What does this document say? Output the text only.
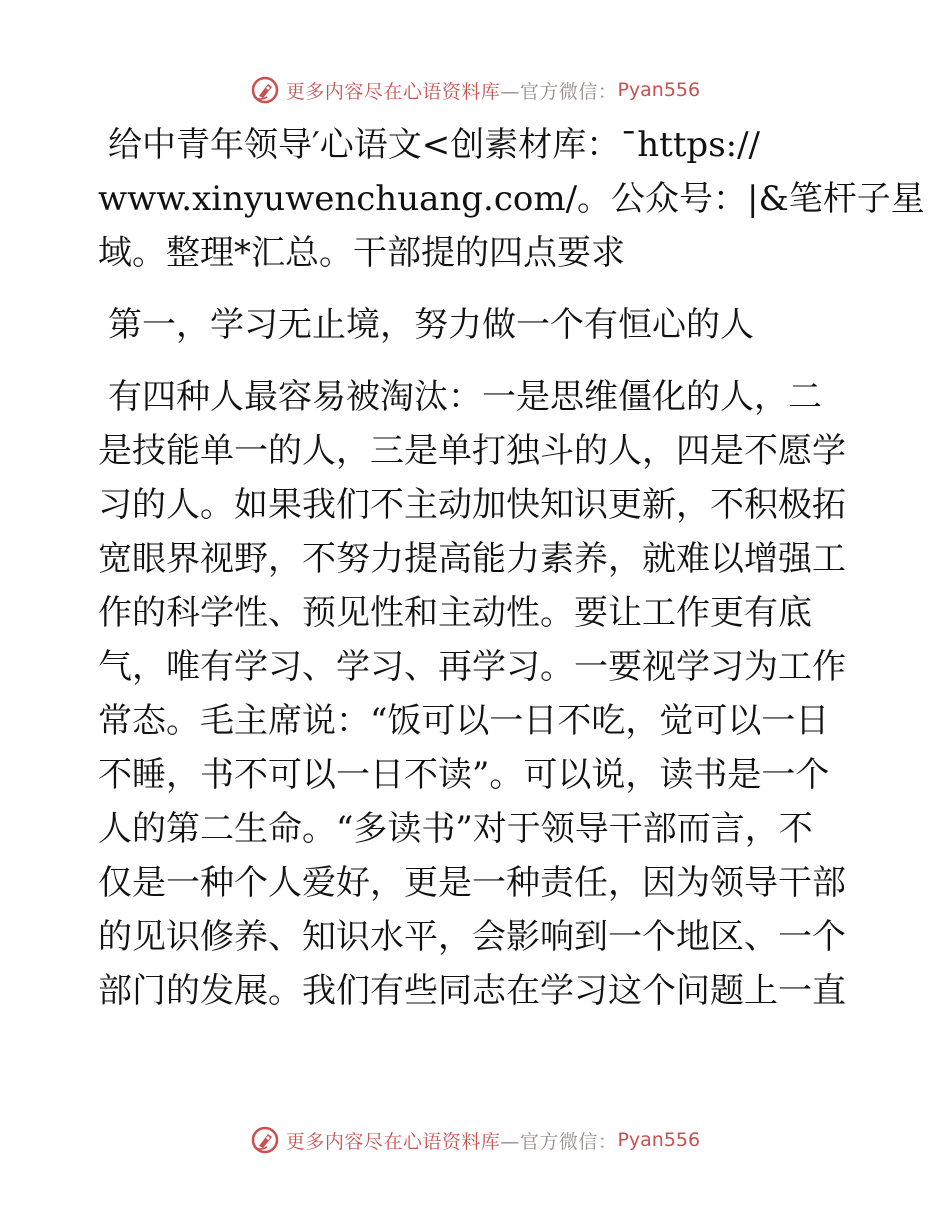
更多内容尽在心语资料库 —官方微信： Pyan556

给中青年领导′心语文<创素材库：¯https://
www.xinyuwenchuang.com/。公众号：|&笔杆子星
域。整理*汇总。干部提的四点要求

第一，学习无止境，努力做一个有恒心的人

有四种人最容易被淘汰：一是思维僵化的人，二
是技能单一的人，三是单打独斗的人，四是不愿学
习的人。如果我们不主动加快知识更新，不积极拓
宽眼界视野，不努力提高能力素养，就难以增强工
作的科学性、预见性和主动性。要让工作更有底
气，唯有学习、学习、再学习。一要视学习为工作
常态。毛主席说：“饭可以一日不吃，觉可以一日
不睡，书不可以一日不读”。可以说，读书是一个
人的第二生命。“多读书”对于领导干部而言，不
仅是一种个人爱好，更是一种责任，因为领导干部
的见识修养、知识水平，会影响到一个地区、一个
部门的发展。我们有些同志在学习这个问题上一直

更多内容尽在心语资料库 —官方微信： Pyan556
